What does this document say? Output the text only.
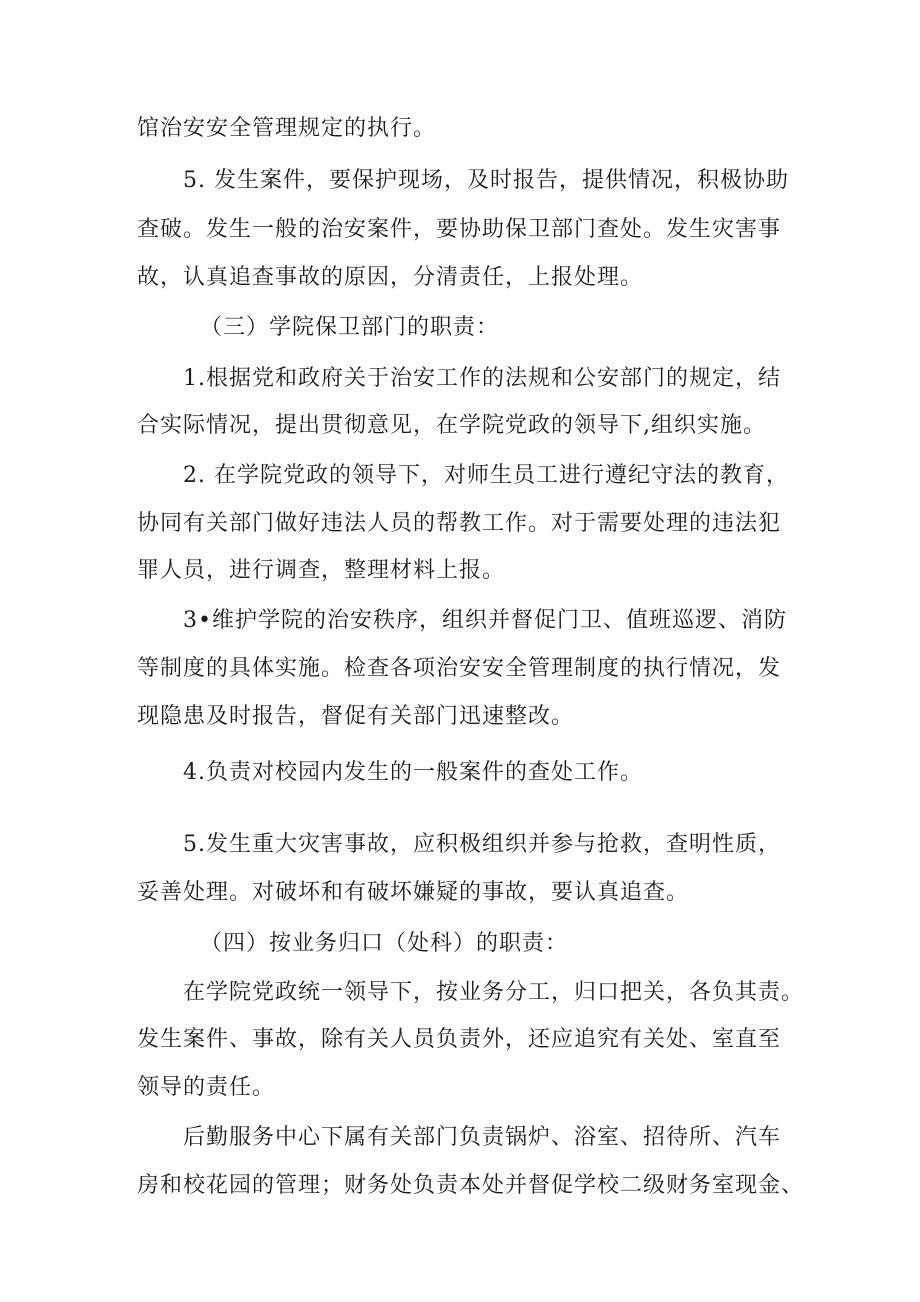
馆治安安全管理规定的执行。
5. 发生案件，要保护现场，及时报告，提供情况，积极协助
查破。发生一般的治安案件，要协助保卫部门查处。发生灾害事
故，认真追查事故的原因，分清责任，上报处理。
（三）学院保卫部门的职责：
1.根据党和政府关于治安工作的法规和公安部门的规定，结
合实际情况，提出贯彻意见，在学院党政的领导下,组织实施。
2. 在学院党政的领导下，对师生员工进行遵纪守法的教育，
协同有关部门做好违法人员的帮教工作。对于需要处理的违法犯
罪人员，进行调查，整理材料上报。
3•维护学院的治安秩序，组织并督促门卫、值班巡逻、消防
等制度的具体实施。检查各项治安安全管理制度的执行情况，发
现隐患及时报告，督促有关部门迅速整改。
4.负责对校园内发生的一般案件的查处工作。
5.发生重大灾害事故，应积极组织并参与抢救，查明性质，
妥善处理。对破坏和有破坏嫌疑的事故，要认真追查。
（四）按业务归口（处科）的职责：
在学院党政统一领导下，按业务分工，归口把关，各负其责。
发生案件、事故，除有关人员负责外，还应追究有关处、室直至
领导的责任。
后勤服务中心下属有关部门负责锅炉、浴室、招待所、汽车
房和校花园的管理；财务处负责本处并督促学校二级财务室现金、
